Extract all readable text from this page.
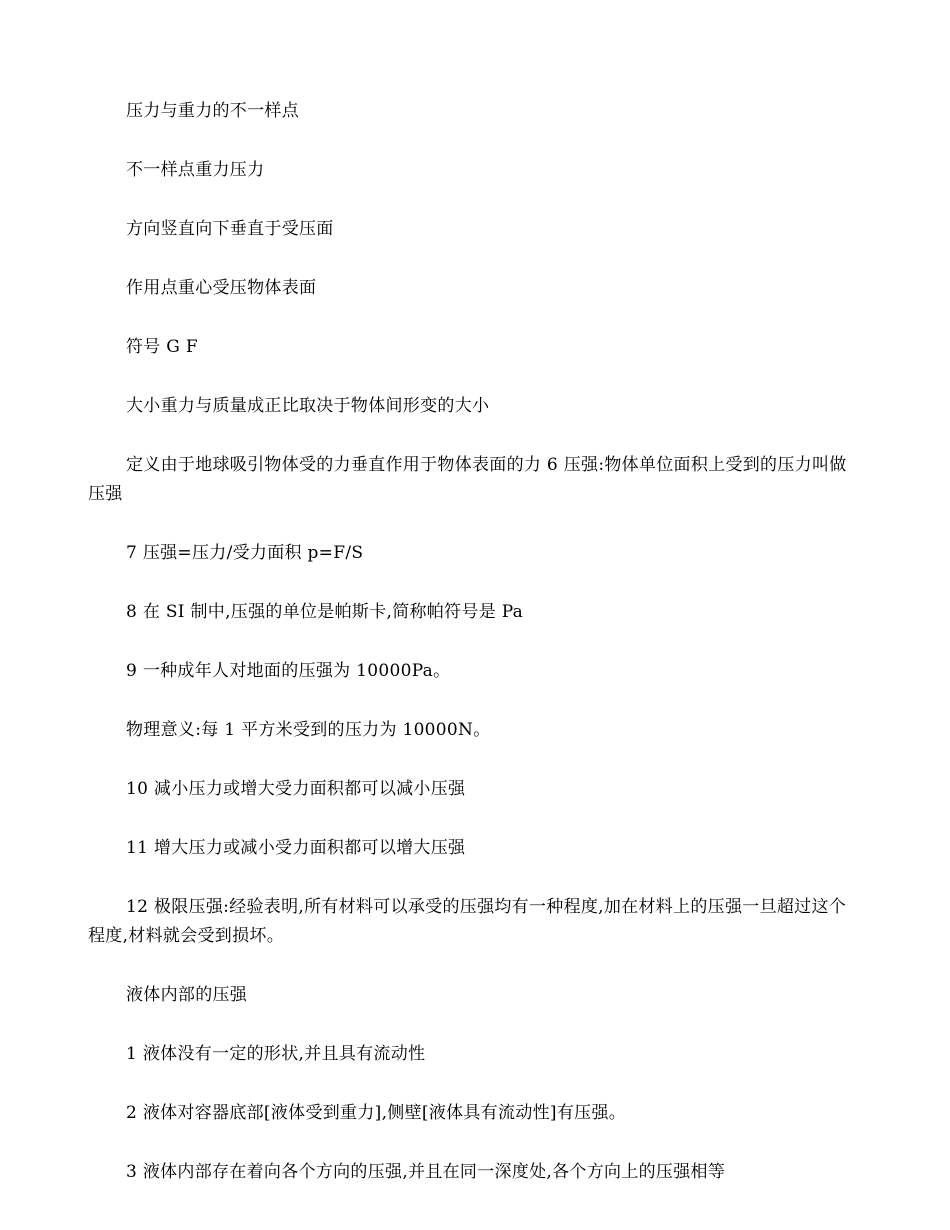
压力与重力的不一样点

不一样点重力压力

方向竖直向下垂直于受压面

作用点重心受压物体表面

符号 G F

大小重力与质量成正比取决于物体间形变的大小

定义由于地球吸引物体受的力垂直作用于物体表面的力 6 压强:物体单位面积上受到的压力叫做压强

7 压强=压力/受力面积 p=F/S

8 在 SI 制中,压强的单位是帕斯卡,简称帕符号是 Pa

9 一种成年人对地面的压强为 10000Pa。

物理意义:每 1 平方米受到的压力为 10000N。

10 减小压力或增大受力面积都可以减小压强

11 增大压力或减小受力面积都可以增大压强

12 极限压强:经验表明,所有材料可以承受的压强均有一种程度,加在材料上的压强一旦超过这个程度,材料就会受到损坏。

液体内部的压强

1 液体没有一定的形状,并且具有流动性

2 液体对容器底部[液体受到重力],侧壁[液体具有流动性]有压强。

3 液体内部存在着向各个方向的压强,并且在同一深度处,各个方向上的压强相等
